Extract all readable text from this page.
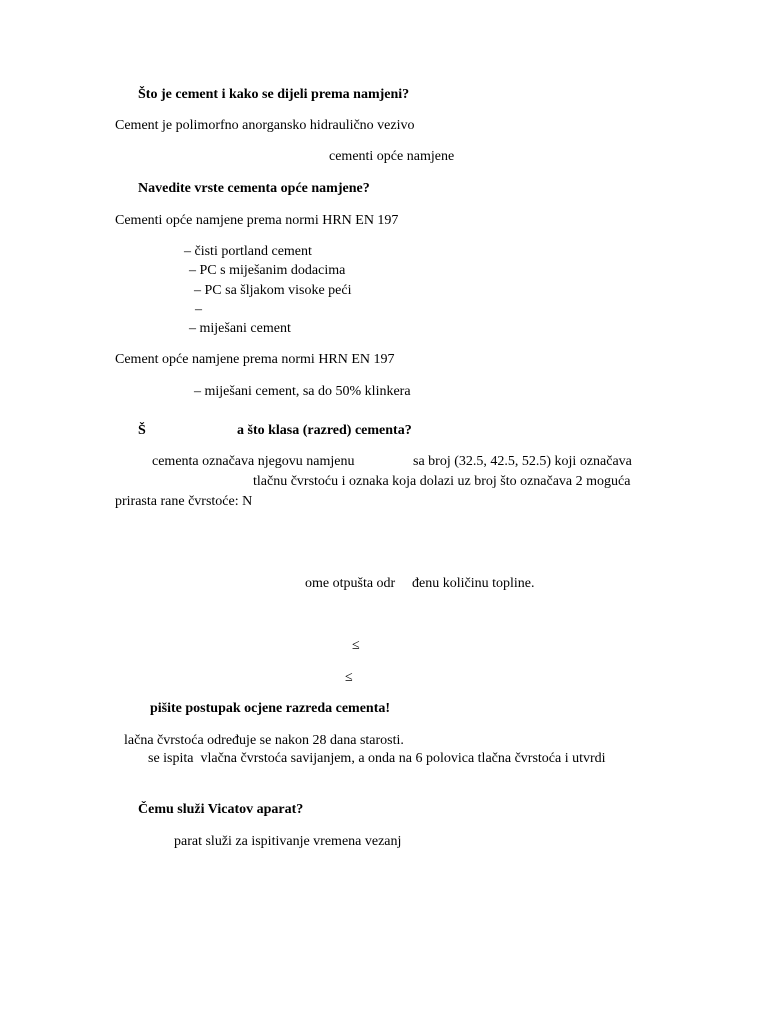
Što je cement i kako se dijeli prema namjeni?
Cement je polimorfno anorgansko hidraulično vezivo
cementi opće namjene
Navedite vrste cementa opće namjene?
Cementi opće namjene prema normi HRN EN 197
– čisti portland cement
– PC s miješanim dodacima
– PC sa šljakom visoke peći
–
– miješani cement
Cement opće namjene prema normi HRN EN 197
– miješani cement, sa do 50% klinkera
Š	a što klasa (razred) cementa?
cementa označava njegovu namjenu	sa broj (32.5, 42.5, 52.5) koji označava
tlačnu čvrstoću i oznaka koja dolazi uz broj što označava 2 moguća
prirasta rane čvrstoće: N
ome otpušta odr đenu količinu topline.
≤
≤
pišite postupak ocjene razreda cementa!
lačna čvrstoća određuje se nakon 28 dana starosti.
se ispita  vlačna čvrstoća savijanjem, a onda na 6 polovica tlačna čvrstoća i utvrdi
Čemu služi Vicatov aparat?
parat služi za ispitivanje vremena vezanj
